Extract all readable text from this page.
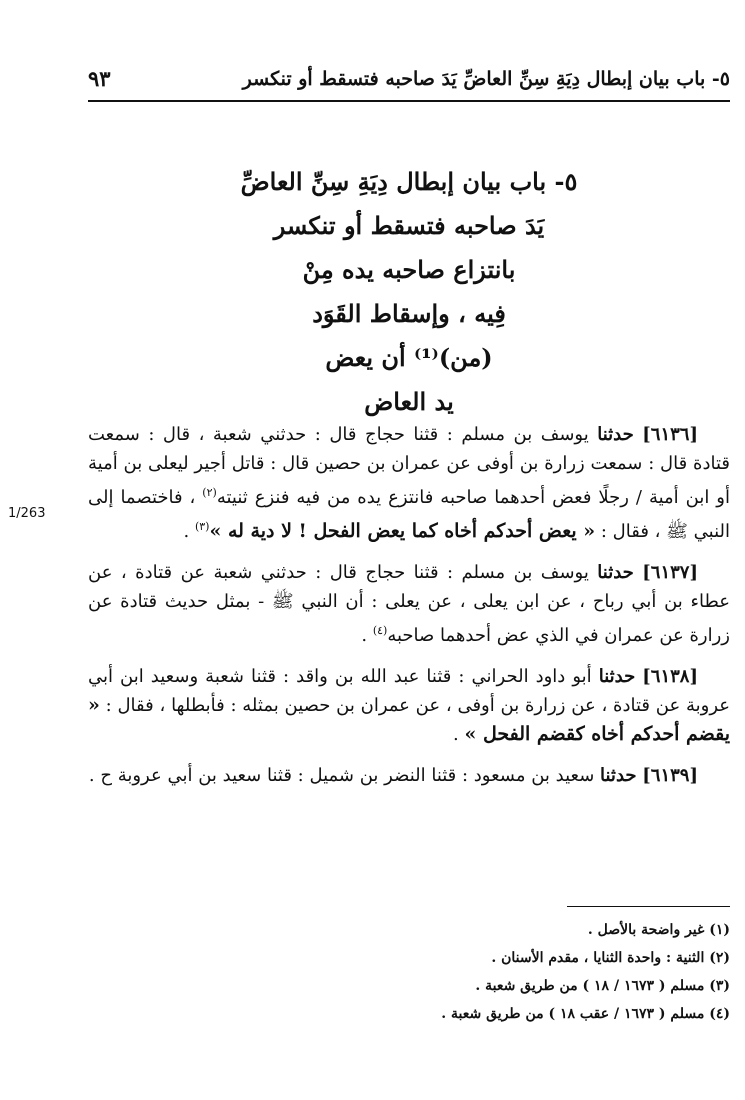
٥- باب بيان إبطال دِيَةِ سِنِّ العاضِّ يَدَ صاحبه فتسقط أو تنكسر
٩٣
٥- باب بيان إبطال دِيَةِ سِنِّ العاضِّ
يَدَ صاحبه فتسقط أو تنكسر
بانتزاع صاحبه يده مِنْ
فِيه ، وإسقاط القَوَد
(من)⁽¹⁾ أن يعض
يد العاض
1/263

[٦١٣٦] حدثنا يوسف بن مسلم : قثنا حجاج قال : حدثني شعبة ، قال : سمعت قتادة قال : سمعت زرارة بن أوفى عن عمران بن حصين قال : قاتل أجير ليعلى بن أمية أو ابن أمية / رجلًا فعض أحدهما صاحبه فانتزع يده من فيه فنزع ثنيته$^{(٢)}$ ، فاختصما إلى النبي ﷺ ، فقال : « يعض أحدكم أخاه كما يعض الفحل ! لا دية له »$^{(٣)}$ .

[٦١٣٧] حدثنا يوسف بن مسلم : قثنا حجاج قال : حدثني شعبة عن قتادة ، عن عطاء بن أبي رباح ، عن ابن يعلى ، عن يعلى : أن النبي ﷺ - بمثل حديث قتادة عن زرارة عن عمران في الذي عض أحدهما صاحبه$^{(٤)}$ .

[٦١٣٨] حدثنا أبو داود الحراني : قثنا عبد الله بن واقد : قثنا شعبة وسعيد ابن أبي عروبة عن قتادة ، عن زرارة بن أوفى ، عن عمران بن حصين بمثله : فأبطلها ، فقال : « يقضم أحدكم أخاه كقضم الفحل » .

[٦١٣٩] حدثنا سعيد بن مسعود : قثنا النضر بن شميل : قثنا سعيد بن أبي عروبة ح .

(١) غير واضحة بالأصل .
(٢) الثنية : واحدة الثنايا ، مقدم الأسنان .
(٣) مسلم ( ١٦٧٣ / ١٨ ) من طريق شعبة .
(٤) مسلم ( ١٦٧٣ / عقب ١٨ ) من طريق شعبة .
